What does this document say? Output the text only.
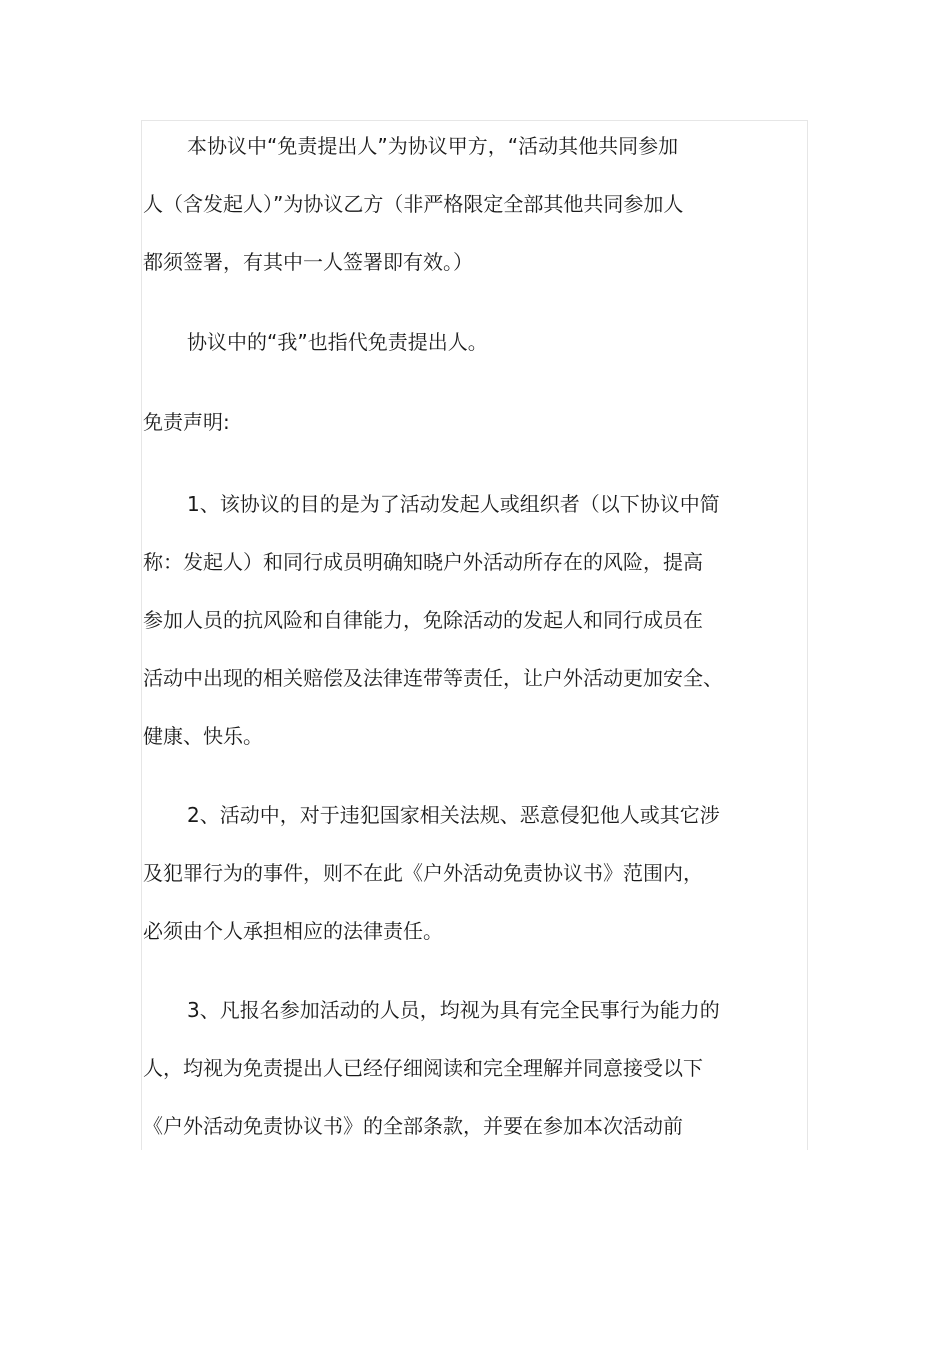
本协议中“免责提出人”为协议甲方，“活动其他共同参加
人（含发起人）”为协议乙方（非严格限定全部其他共同参加人
都须签署，有其中一人签署即有效。）
协议中的“我”也指代免责提出人。
免责声明:
1、该协议的目的是为了活动发起人或组织者（以下协议中简
称：发起人）和同行成员明确知晓户外活动所存在的风险，提高
参加人员的抗风险和自律能力，免除活动的发起人和同行成员在
活动中出现的相关赔偿及法律连带等责任，让户外活动更加安全、
健康、快乐。
2、活动中，对于违犯国家相关法规、恶意侵犯他人或其它涉
及犯罪行为的事件，则不在此《户外活动免责协议书》范围内，
必须由个人承担相应的法律责任。
3、凡报名参加活动的人员，均视为具有完全民事行为能力的
人，均视为免责提出人已经仔细阅读和完全理解并同意接受以下
《户外活动免责协议书》的全部条款，并要在参加本次活动前
